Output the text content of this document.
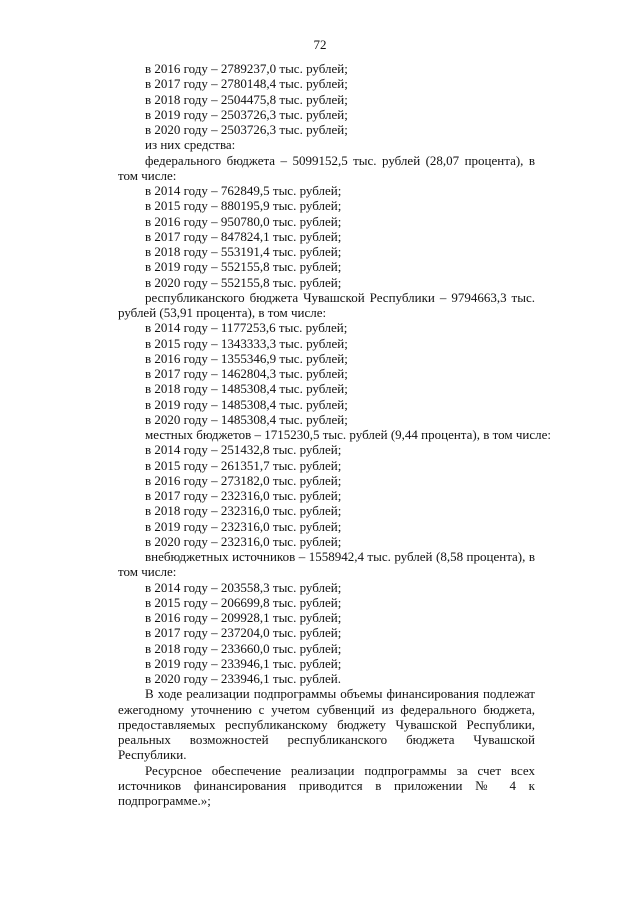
72

в 2016 году – 2789237,0 тыс. рублей;

в 2017 году – 2780148,4 тыс. рублей;

в 2018 году – 2504475,8 тыс. рублей;

в 2019 году – 2503726,3 тыс. рублей;

в 2020 году – 2503726,3 тыс. рублей;

из них средства:

федерального бюджета – 5099152,5 тыс. рублей (28,07 процента), в том числе:

в 2014 году – 762849,5 тыс. рублей;

в 2015 году – 880195,9 тыс. рублей;

в 2016 году – 950780,0 тыс. рублей;

в 2017 году – 847824,1 тыс. рублей;

в 2018 году – 553191,4 тыс. рублей;

в 2019 году – 552155,8 тыс. рублей;

в 2020 году – 552155,8 тыс. рублей;

республиканского бюджета Чувашской Республики – 9794663,3 тыс. рублей (53,91 процента), в том числе:

в 2014 году – 1177253,6 тыс. рублей;

в 2015 году – 1343333,3 тыс. рублей;

в 2016 году – 1355346,9 тыс. рублей;

в 2017 году – 1462804,3 тыс. рублей;

в 2018 году – 1485308,4 тыс. рублей;

в 2019 году – 1485308,4 тыс. рублей;

в 2020 году – 1485308,4 тыс. рублей;

местных бюджетов – 1715230,5 тыс. рублей (9,44 процента), в том числе:

в 2014 году – 251432,8 тыс. рублей;

в 2015 году – 261351,7 тыс. рублей;

в 2016 году – 273182,0 тыс. рублей;

в 2017 году – 232316,0 тыс. рублей;

в 2018 году – 232316,0 тыс. рублей;

в 2019 году – 232316,0 тыс. рублей;

в 2020 году – 232316,0 тыс. рублей;

внебюджетных источников – 1558942,4 тыс. рублей (8,58 процента), в том числе:

в 2014 году – 203558,3 тыс. рублей;

в 2015 году – 206699,8 тыс. рублей;

в 2016 году – 209928,1 тыс. рублей;

в 2017 году – 237204,0 тыс. рублей;

в 2018 году – 233660,0 тыс. рублей;

в 2019 году – 233946,1 тыс. рублей;

в 2020 году – 233946,1 тыс. рублей.

В ходе реализации подпрограммы объемы финансирования подлежат ежегодному уточнению с учетом субвенций из федерального бюджета, предоставляемых республиканскому бюджету Чувашской Республики, реальных возможностей республиканского бюджета Чувашской Республики.

Ресурсное обеспечение реализации подпрограммы за счет всех источников финансирования приводится в приложении № 4 к подпрограмме.»;
